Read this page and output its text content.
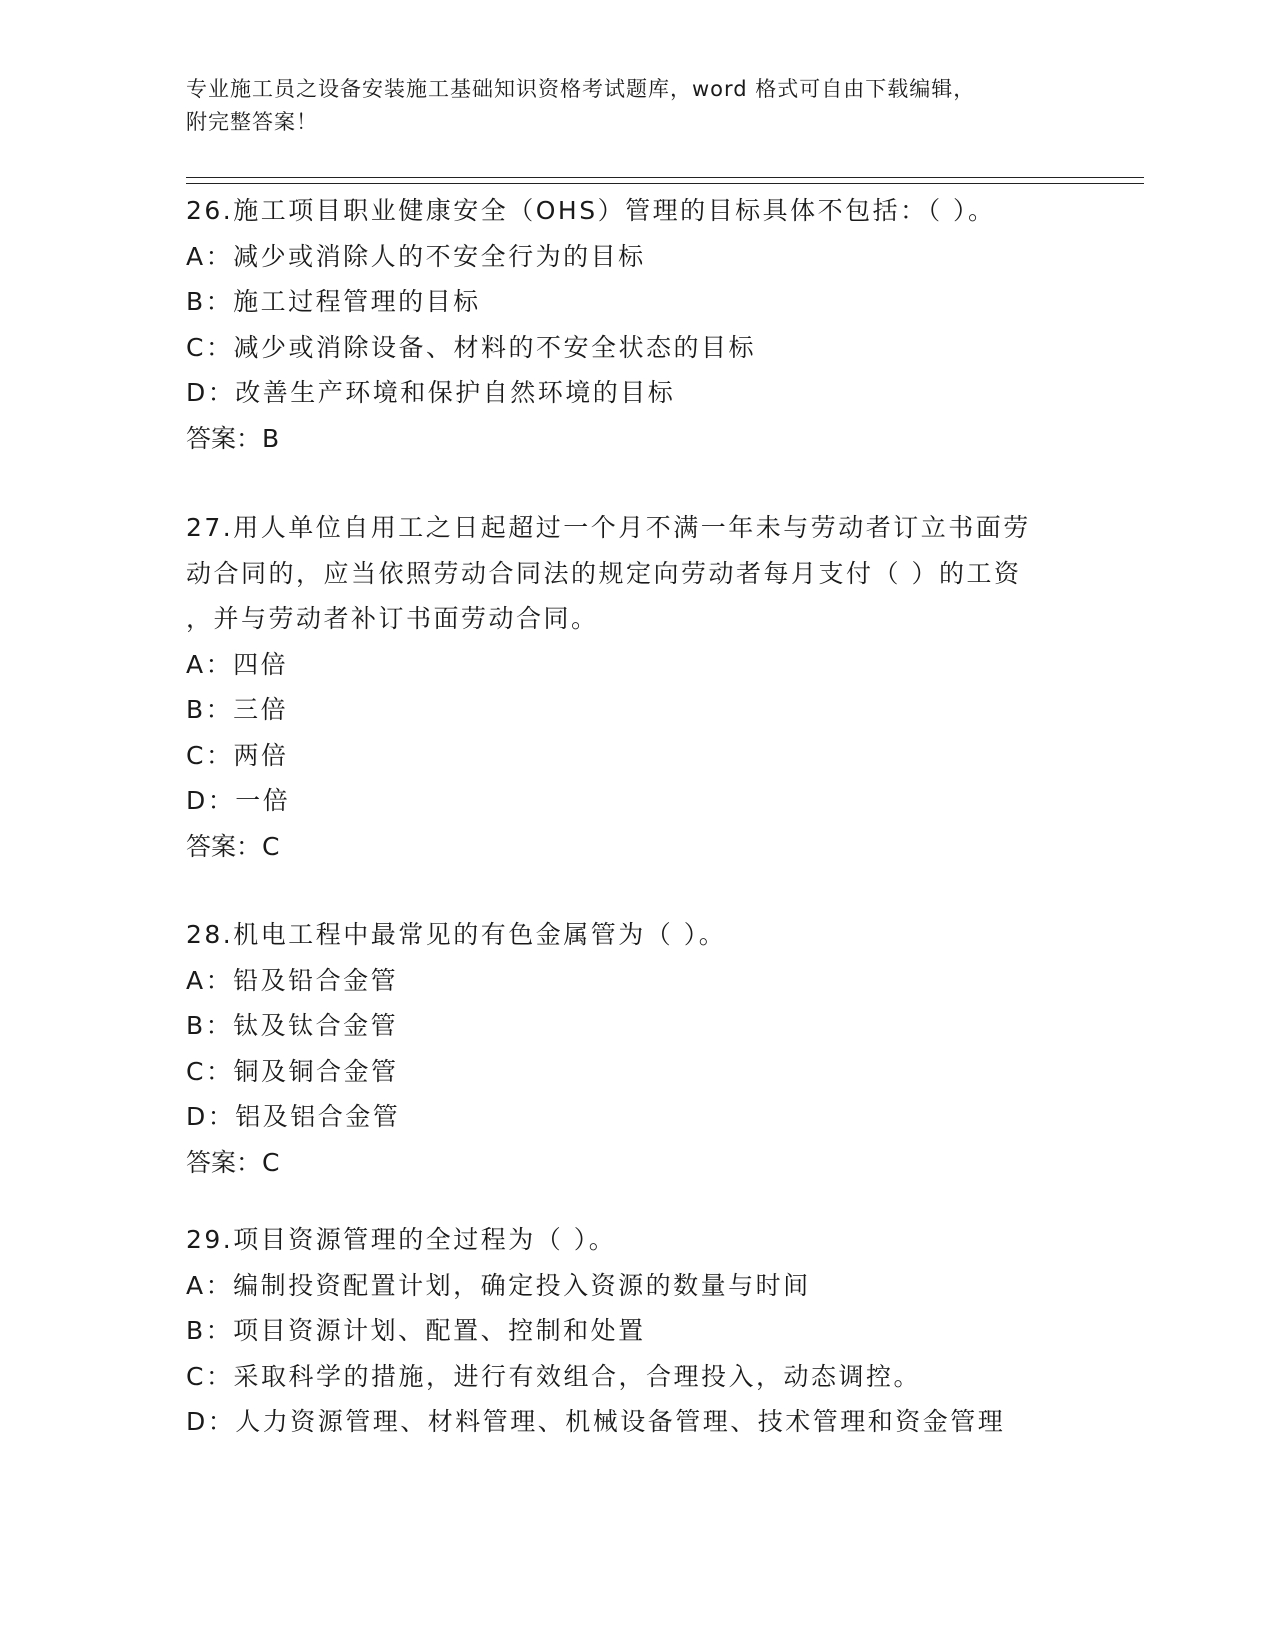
专业施工员之设备安装施工基础知识资格考试题库，word 格式可自由下载编辑，
附完整答案！

26.施工项目职业健康安全（OHS）管理的目标具体不包括：（ ）。

A：减少或消除人的不安全行为的目标

B：施工过程管理的目标

C：减少或消除设备、材料的不安全状态的目标

D：改善生产环境和保护自然环境的目标

答案：B

27.用人单位自用工之日起超过一个月不满一年未与劳动者订立书面劳

动合同的，应当依照劳动合同法的规定向劳动者每月支付（ ）的工资

，并与劳动者补订书面劳动合同。

A：四倍

B：三倍

C：两倍

D：一倍

答案：C

28.机电工程中最常见的有色金属管为（ ）。

A：铅及铅合金管

B：钛及钛合金管

C：铜及铜合金管

D：铝及铝合金管

答案：C

29.项目资源管理的全过程为（ ）。

A：编制投资配置计划，确定投入资源的数量与时间

B：项目资源计划、配置、控制和处置

C：采取科学的措施，进行有效组合，合理投入，动态调控。

D：人力资源管理、材料管理、机械设备管理、技术管理和资金管理
